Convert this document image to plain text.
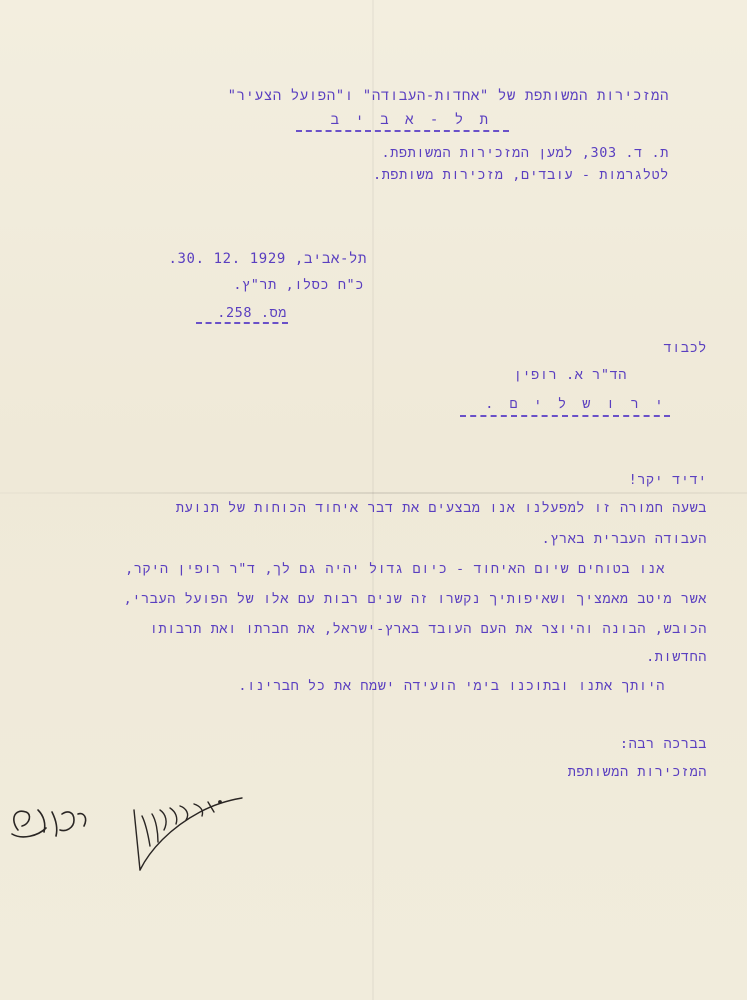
המזכירות המשותפת של "אחדות-העבודה" ו"הפועל הצעיר"
ת ל - א ב י ב
ת. ד. 303, למען המזכירות המשותפת.
לטלגרמות - עובדים, מזכירות משותפת.
תל-אביב, 1929 .12 .30.
כ"ח כסלו, תר"ץ.
מס. 258.
לכבוד
הד"ר א. רופין
י ר ו ש ל י ם .
ידיד יקר!
בשעה חמורה זו למפעלנו אנו מבצעים את דבר איחוד הכוחות של תנועת
העבודה העברית בארץ.
אנו בטוחים שיום האיחוד - כיום גדול יהיה גם לך, ד"ר רופין היקר,
אשר מיטב מאמציך ושאיפותיך נקשרו זה שנים רבות עם אלו של הפועל העברי,
הכובש, הבונה והיוצר את העם העובד בארץ-ישראל, את חברתו ואת תרבותו
החדשות.
היותך אתנו ובתוכנו בימי הועידה ישמח את כל חברינו.
בברכה רבה:
המזכירות המשותפת
